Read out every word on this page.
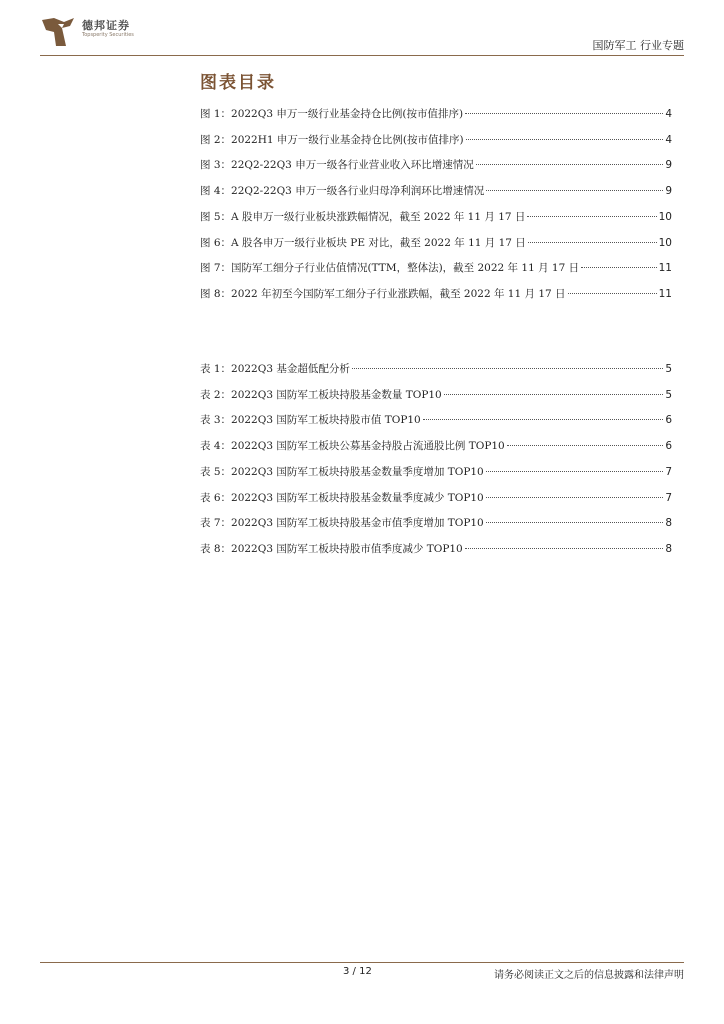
德邦证券
Topsperity Securities
国防军工 行业专题
图表目录
图 1：2022Q3 申万一级行业基金持仓比例(按市值排序)	4
图 2：2022H1 申万一级行业基金持仓比例(按市值排序)	4
图 3：22Q2-22Q3 申万一级各行业营业收入环比增速情况	9
图 4：22Q2-22Q3 申万一级各行业归母净利润环比增速情况	9
图 5：A 股申万一级行业板块涨跌幅情况，截至 2022 年 11 月 17 日	10
图 6：A 股各申万一级行业板块 PE 对比，截至 2022 年 11 月 17 日	10
图 7：国防军工细分子行业估值情况(TTM，整体法)，截至 2022 年 11 月 17 日	11
图 8：2022 年初至今国防军工细分子行业涨跌幅，截至 2022 年 11 月 17 日	11
表 1：2022Q3 基金超低配分析	5
表 2：2022Q3 国防军工板块持股基金数量 TOP10	5
表 3：2022Q3 国防军工板块持股市值 TOP10	6
表 4：2022Q3 国防军工板块公募基金持股占流通股比例 TOP10	6
表 5：2022Q3 国防军工板块持股基金数量季度增加 TOP10	7
表 6：2022Q3 国防军工板块持股基金数量季度减少 TOP10	7
表 7：2022Q3 国防军工板块持股基金市值季度增加 TOP10	8
表 8：2022Q3 国防军工板块持股市值季度减少 TOP10	8
3 / 12	请务必阅读正文之后的信息披露和法律声明
